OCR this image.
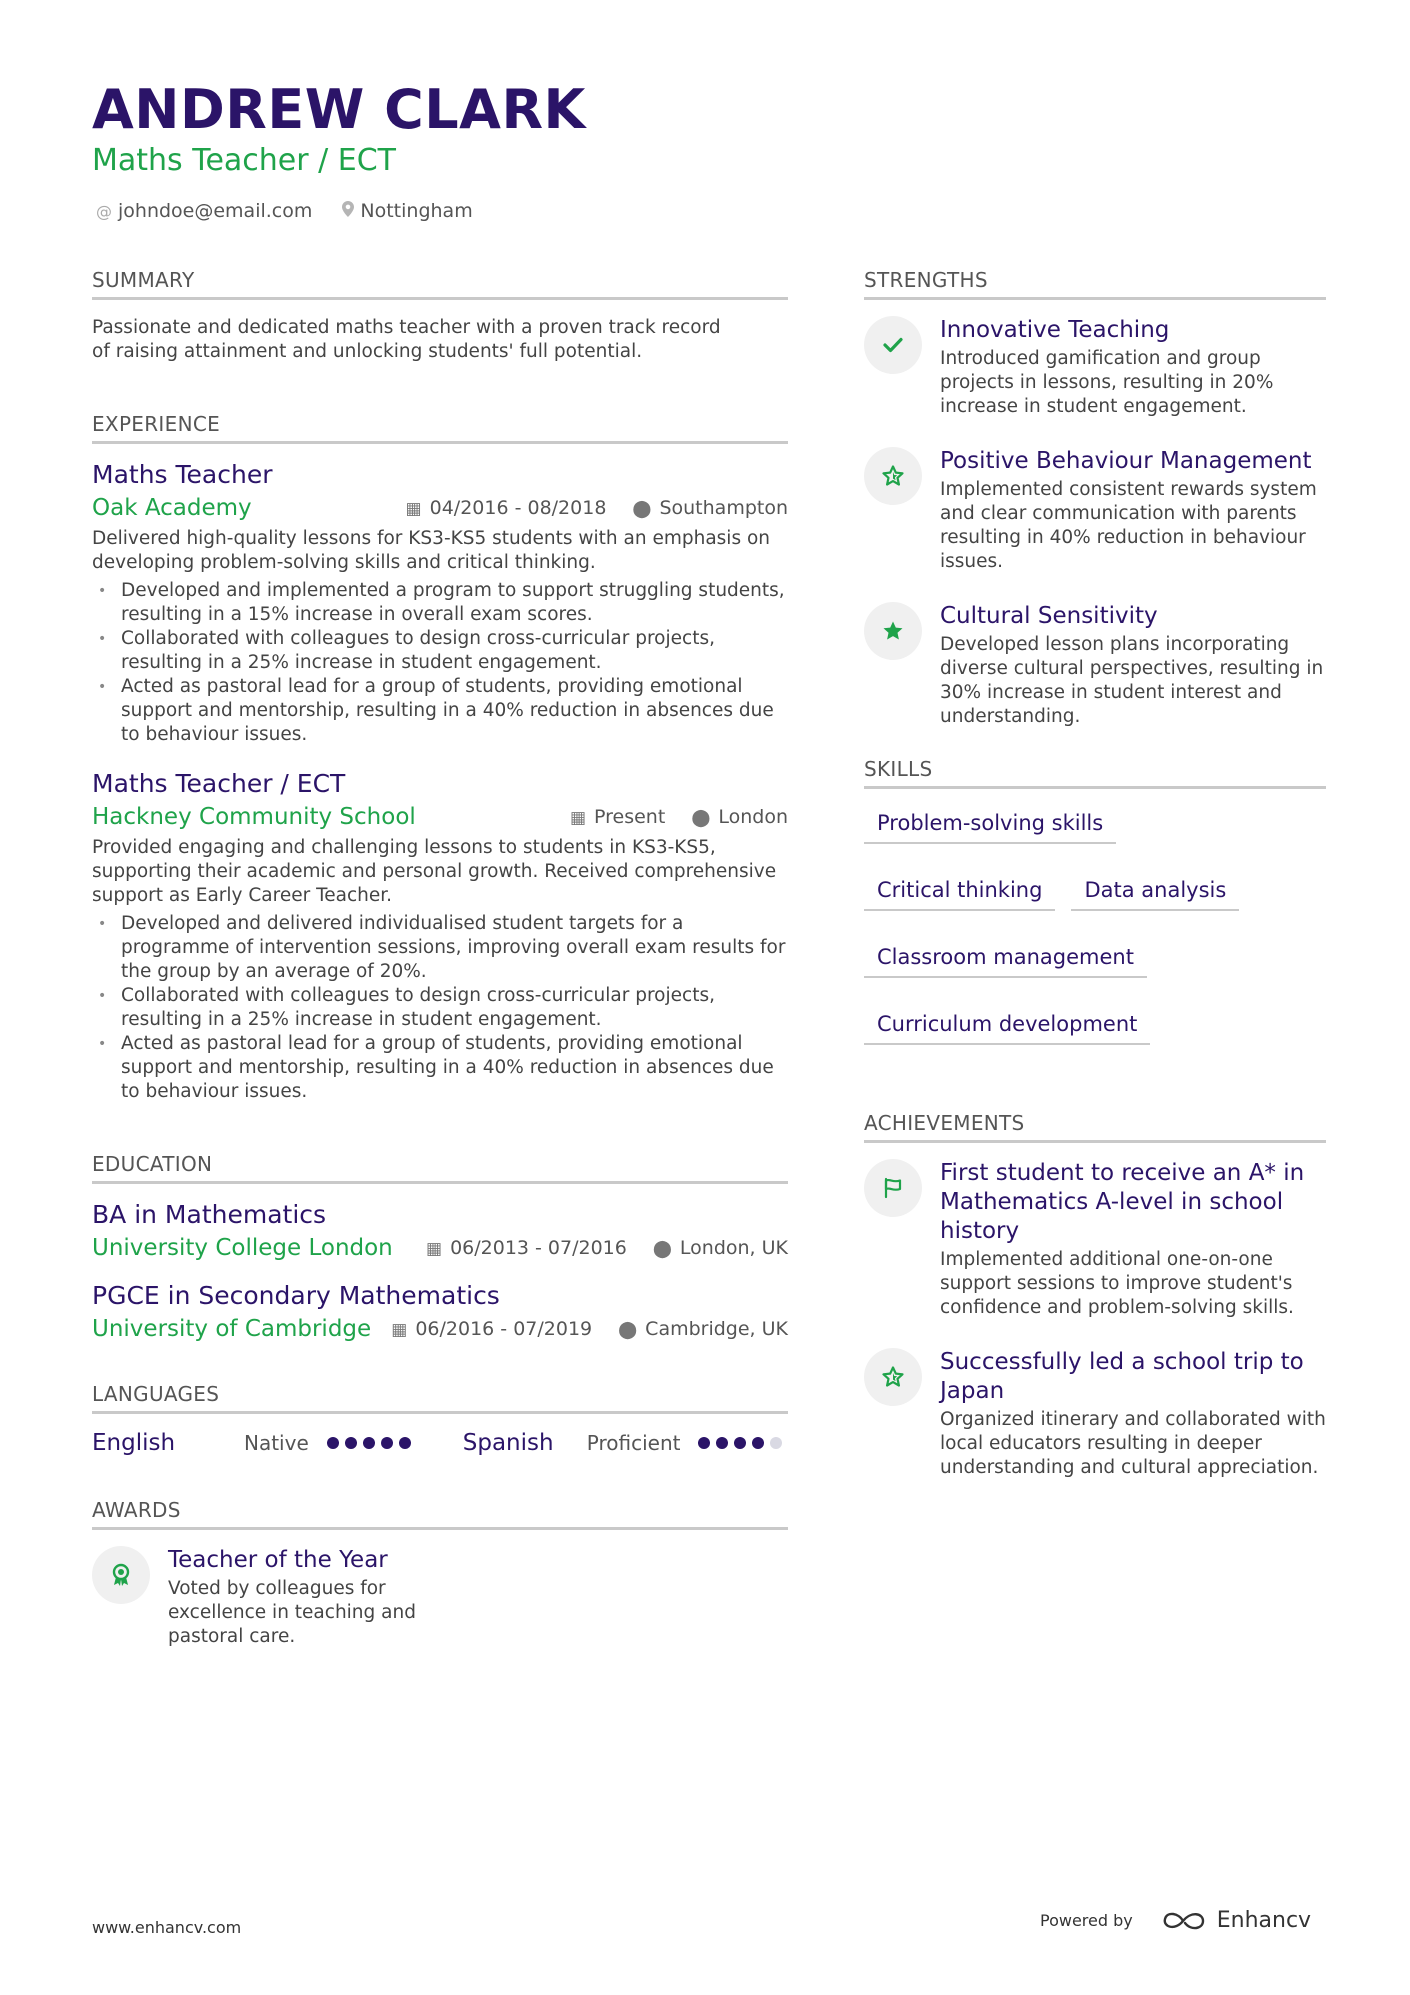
ANDREW CLARK
Maths Teacher / ECT
@ johndoe@email.com	Nottingham
SUMMARY
Passionate and dedicated maths teacher with a proven track record of raising attainment and unlocking students' full potential.
EXPERIENCE
Maths Teacher
Oak Academy	▦ 04/2016 - 08/2018 ⬤ Southampton
Delivered high-quality lessons for KS3-KS5 students with an emphasis on developing problem-solving skills and critical thinking.
• Developed and implemented a program to support struggling students, resulting in a 15% increase in overall exam scores.
• Collaborated with colleagues to design cross-curricular projects, resulting in a 25% increase in student engagement.
• Acted as pastoral lead for a group of students, providing emotional support and mentorship, resulting in a 40% reduction in absences due to behaviour issues.
Maths Teacher / ECT
Hackney Community School	▦ Present ⬤ London
Provided engaging and challenging lessons to students in KS3-KS5, supporting their academic and personal growth. Received comprehensive support as Early Career Teacher.
• Developed and delivered individualised student targets for a programme of intervention sessions, improving overall exam results for the group by an average of 20%.
• Collaborated with colleagues to design cross-curricular projects, resulting in a 25% increase in student engagement.
• Acted as pastoral lead for a group of students, providing emotional support and mentorship, resulting in a 40% reduction in absences due to behaviour issues.
EDUCATION
BA in Mathematics
University College London ▦ 06/2013 - 07/2016 ⬤ London, UK
PGCE in Secondary Mathematics
University of Cambridge ▦ 06/2016 - 07/2019 ⬤ Cambridge, UK
LANGUAGES
English	Native	Spanish	Proficient
AWARDS
Teacher of the Year
Voted by colleagues for excellence in teaching and pastoral care.
STRENGTHS
Innovative Teaching
Introduced gamification and group projects in lessons, resulting in 20% increase in student engagement.
Positive Behaviour Management
Implemented consistent rewards system and clear communication with parents resulting in 40% reduction in behaviour issues.
Cultural Sensitivity
Developed lesson plans incorporating diverse cultural perspectives, resulting in 30% increase in student interest and understanding.
SKILLS
Problem-solving skills
Critical thinking	Data analysis
Classroom management
Curriculum development
ACHIEVEMENTS
First student to receive an A* in Mathematics A-level in school history
Implemented additional one-on-one support sessions to improve student's confidence and problem-solving skills.
Successfully led a school trip to Japan
Organized itinerary and collaborated with local educators resulting in deeper understanding and cultural appreciation.
www.enhancv.com	Powered by	Enhancv
